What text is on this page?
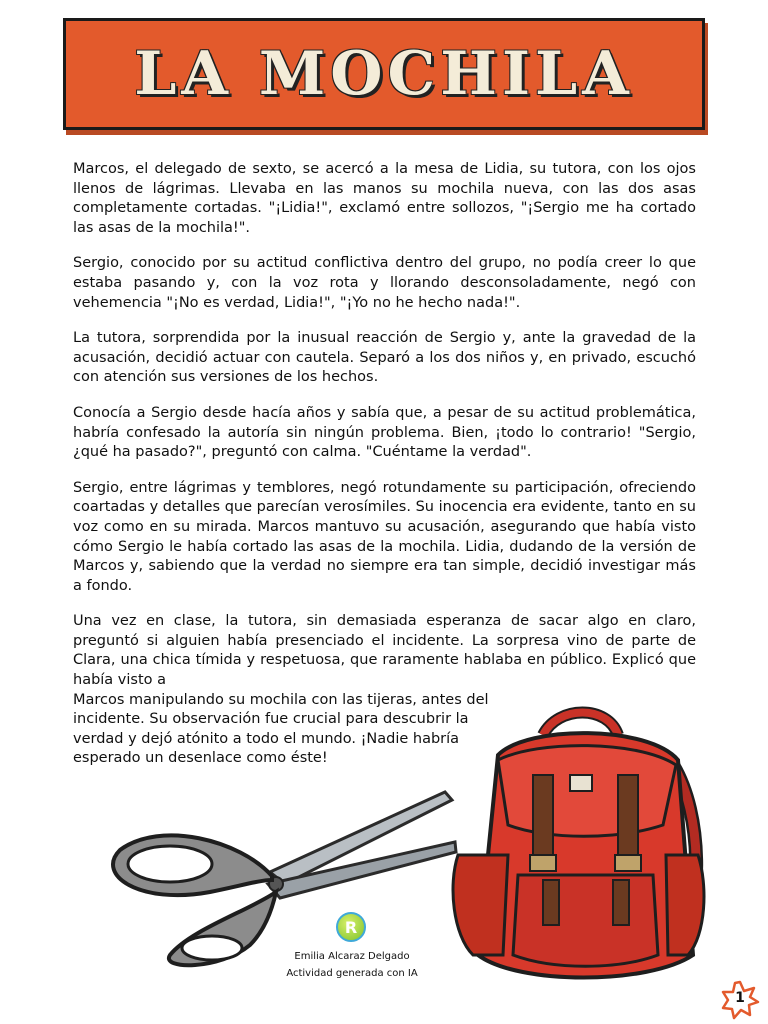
LA MOCHILA

Marcos, el delegado de sexto, se acercó a la mesa de Lidia, su tutora, con los ojos llenos de lágrimas. Llevaba en las manos su mochila nueva, con las dos asas completamente cortadas. "¡Lidia!", exclamó entre sollozos, "¡Sergio me ha cortado las asas de la mochila!".

Sergio, conocido por su actitud conflictiva dentro del grupo, no podía creer lo que estaba pasando y, con la voz rota y llorando desconsoladamente, negó con vehemencia "¡No es verdad, Lidia!", "¡Yo no he hecho nada!".

La tutora, sorprendida por la inusual reacción de Sergio y, ante la gravedad de la acusación, decidió actuar con cautela. Separó a los dos niños y, en privado, escuchó con atención sus versiones de los hechos.

Conocía a Sergio desde hacía años y sabía que, a pesar de su actitud problemática, habría confesado la autoría sin ningún problema. Bien, ¡todo lo contrario! "Sergio, ¿qué ha pasado?", preguntó con calma. "Cuéntame la verdad".

Sergio, entre lágrimas y temblores, negó rotundamente su participación, ofreciendo coartadas y detalles que parecían verosímiles. Su inocencia era evidente, tanto en su voz como en su mirada. Marcos mantuvo su acusación, asegurando que había visto cómo Sergio le había cortado las asas de la mochila. Lidia, dudando de la versión de Marcos y, sabiendo que la verdad no siempre era tan simple, decidió investigar más a fondo.

Una vez en clase, la tutora, sin demasiada esperanza de sacar algo en claro, preguntó si alguien había presenciado el incidente. La sorpresa vino de parte de Clara, una chica tímida y respetuosa, que raramente hablaba en público. Explicó que había visto a

Marcos manipulando su mochila con las tijeras, antes del incidente. Su observación fue crucial para descubrir la verdad y dejó atónito a todo el mundo. ¡Nadie habría esperado un desenlace como éste!

R
Emilia Alcaraz Delgado
Actividad generada con IA
1
